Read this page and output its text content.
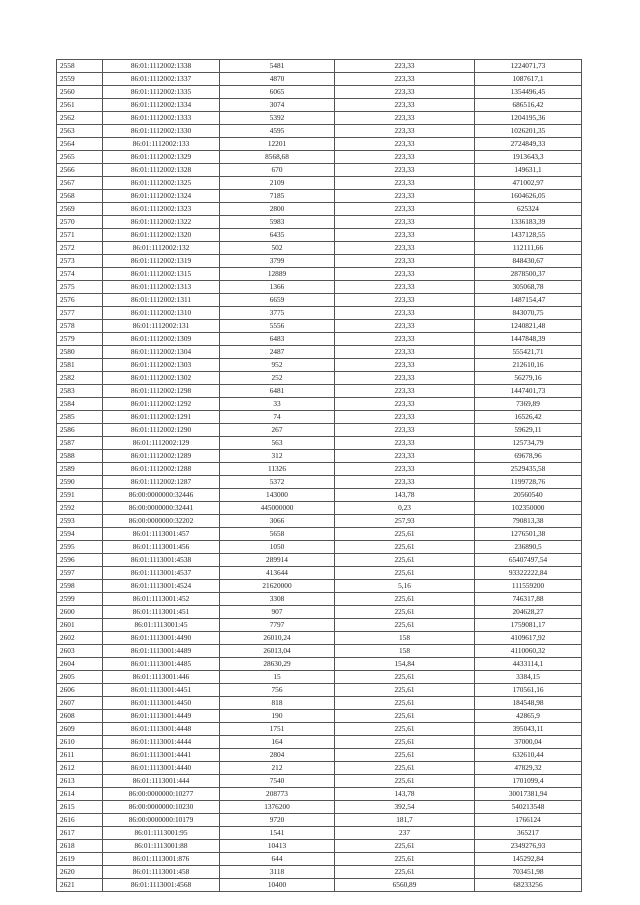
2558	86:01:1112002:1338	5481	223,33	1224071,73
2559	86:01:1112002:1337	4870	223,33	1087617,1
2560	86:01:1112002:1335	6065	223,33	1354496,45
2561	86:01:1112002:1334	3074	223,33	686516,42
2562	86:01:1112002:1333	5392	223,33	1204195,36
2563	86:01:1112002:1330	4595	223,33	1026201,35
2564	86:01:1112002:133	12201	223,33	2724849,33
2565	86:01:1112002:1329	8568,68	223,33	1913643,3
2566	86:01:1112002:1328	670	223,33	149631,1
2567	86:01:1112002:1325	2109	223,33	471002,97
2568	86:01:1112002:1324	7185	223,33	1604626,05
2569	86:01:1112002:1323	2800	223,33	625324
2570	86:01:1112002:1322	5983	223,33	1336183,39
2571	86:01:1112002:1320	6435	223,33	1437128,55
2572	86:01:1112002:132	502	223,33	112111,66
2573	86:01:1112002:1319	3799	223,33	848430,67
2574	86:01:1112002:1315	12889	223,33	2878500,37
2575	86:01:1112002:1313	1366	223,33	305068,78
2576	86:01:1112002:1311	6659	223,33	1487154,47
2577	86:01:1112002:1310	3775	223,33	843070,75
2578	86:01:1112002:131	5556	223,33	1240821,48
2579	86:01:1112002:1309	6483	223,33	1447848,39
2580	86:01:1112002:1304	2487	223,33	555421,71
2581	86:01:1112002:1303	952	223,33	212610,16
2582	86:01:1112002:1302	252	223,33	56279,16
2583	86:01:1112002:1298	6481	223,33	1447401,73
2584	86:01:1112002:1292	33	223,33	7369,89
2585	86:01:1112002:1291	74	223,33	16526,42
2586	86:01:1112002:1290	267	223,33	59629,11
2587	86:01:1112002:129	563	223,33	125734,79
2588	86:01:1112002:1289	312	223,33	69678,96
2589	86:01:1112002:1288	11326	223,33	2529435,58
2590	86:01:1112002:1287	5372	223,33	1199728,76
2591	86:00:0000000:32446	143000	143,78	20560540
2592	86:00:0000000:32441	445000000	0,23	102350000
2593	86:00:0000000:32202	3066	257,93	790813,38
2594	86:01:1113001:457	5658	225,61	1276501,38
2595	86:01:1113001:456	1050	225,61	236890,5
2596	86:01:1113001:4538	289914	225,61	65407497,54
2597	86:01:1113001:4537	413644	225,61	93322222,84
2598	86:01:1113001:4524	21620000	5,16	111559200
2599	86:01:1113001:452	3308	225,61	746317,88
2600	86:01:1113001:451	907	225,61	204628,27
2601	86:01:1113001:45	7797	225,61	1759081,17
2602	86:01:1113001:4490	26010,24	158	4109617,92
2603	86:01:1113001:4489	26013,04	158	4110060,32
2604	86:01:1113001:4485	28630,29	154,84	4433114,1
2605	86:01:1113001:446	15	225,61	3384,15
2606	86:01:1113001:4451	756	225,61	170561,16
2607	86:01:1113001:4450	818	225,61	184548,98
2608	86:01:1113001:4449	190	225,61	42865,9
2609	86:01:1113001:4448	1751	225,61	395043,11
2610	86:01:1113001:4444	164	225,61	37000,04
2611	86:01:1113001:4441	2804	225,61	632610,44
2612	86:01:1113001:4440	212	225,61	47829,32
2613	86:01:1113001:444	7540	225,61	1701099,4
2614	86:00:0000000:10277	208773	143,78	30017381,94
2615	86:00:0000000:10230	1376200	392,54	540213548
2616	86:00:0000000:10179	9720	181,7	1766124
2617	86:01:1113001:95	1541	237	365217
2618	86:01:1113001:88	10413	225,61	2349276,93
2619	86:01:1113001:876	644	225,61	145292,84
2620	86:01:1113001:458	3118	225,61	703451,98
2621	86:01:1113001:4568	10400	6560,89	68233256
